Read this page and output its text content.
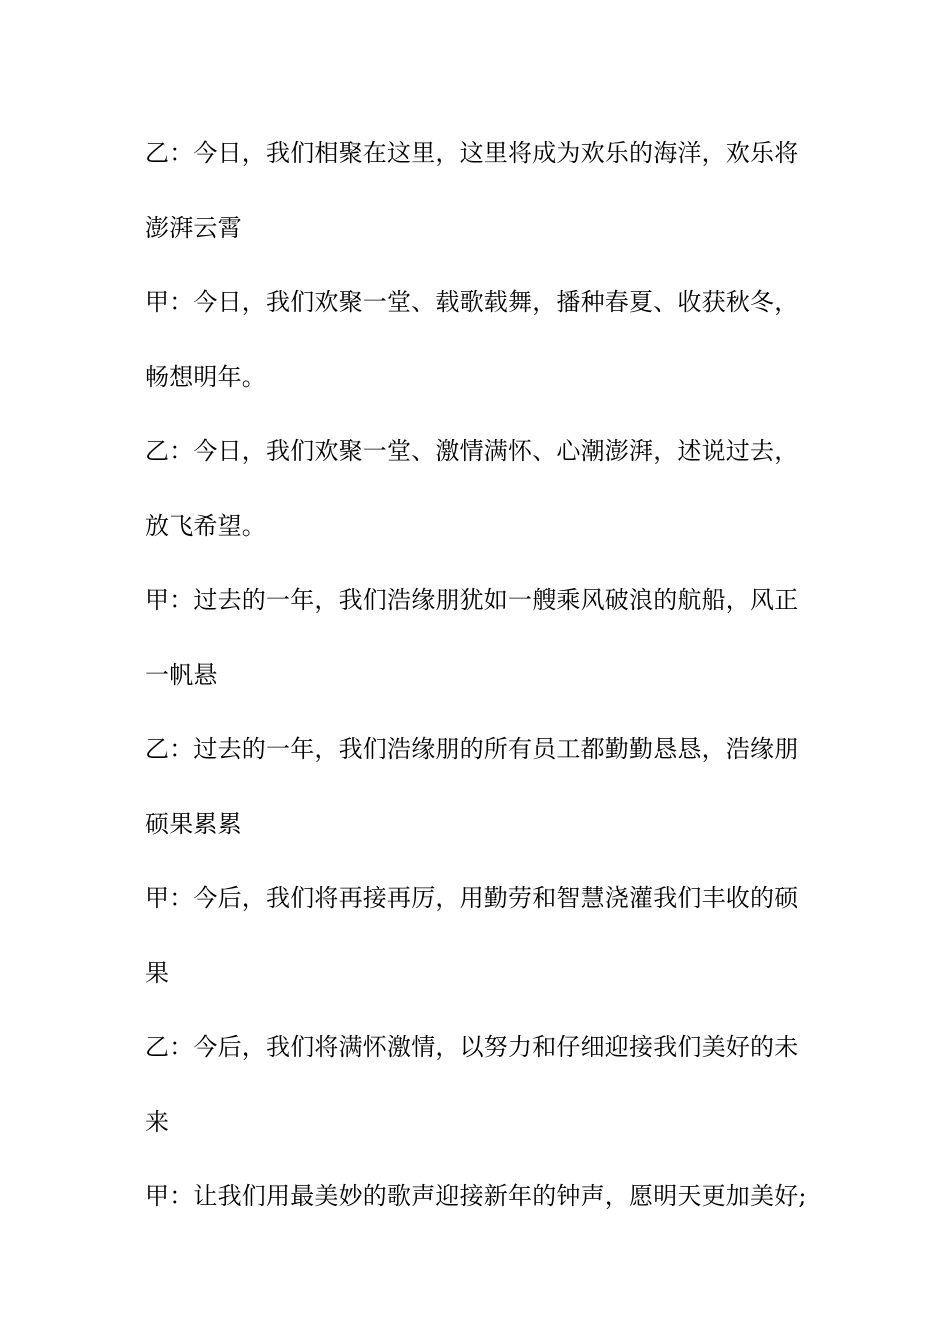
乙：今日，我们相聚在这里，这里将成为欢乐的海洋，欢乐将
澎湃云霄
甲：今日，我们欢聚一堂、载歌载舞，播种春夏、收获秋冬，
畅想明年。
乙：今日，我们欢聚一堂、激情满怀、心潮澎湃，述说过去，
放飞希望。
甲：过去的一年，我们浩缘朋犹如一艘乘风破浪的航船，风正
一帆悬
乙：过去的一年，我们浩缘朋的所有员工都勤勤恳恳，浩缘朋
硕果累累
甲：今后，我们将再接再厉，用勤劳和智慧浇灌我们丰收的硕
果
乙：今后，我们将满怀激情，以努力和仔细迎接我们美好的未
来
甲：让我们用最美妙的歌声迎接新年的钟声，愿明天更加美好;
